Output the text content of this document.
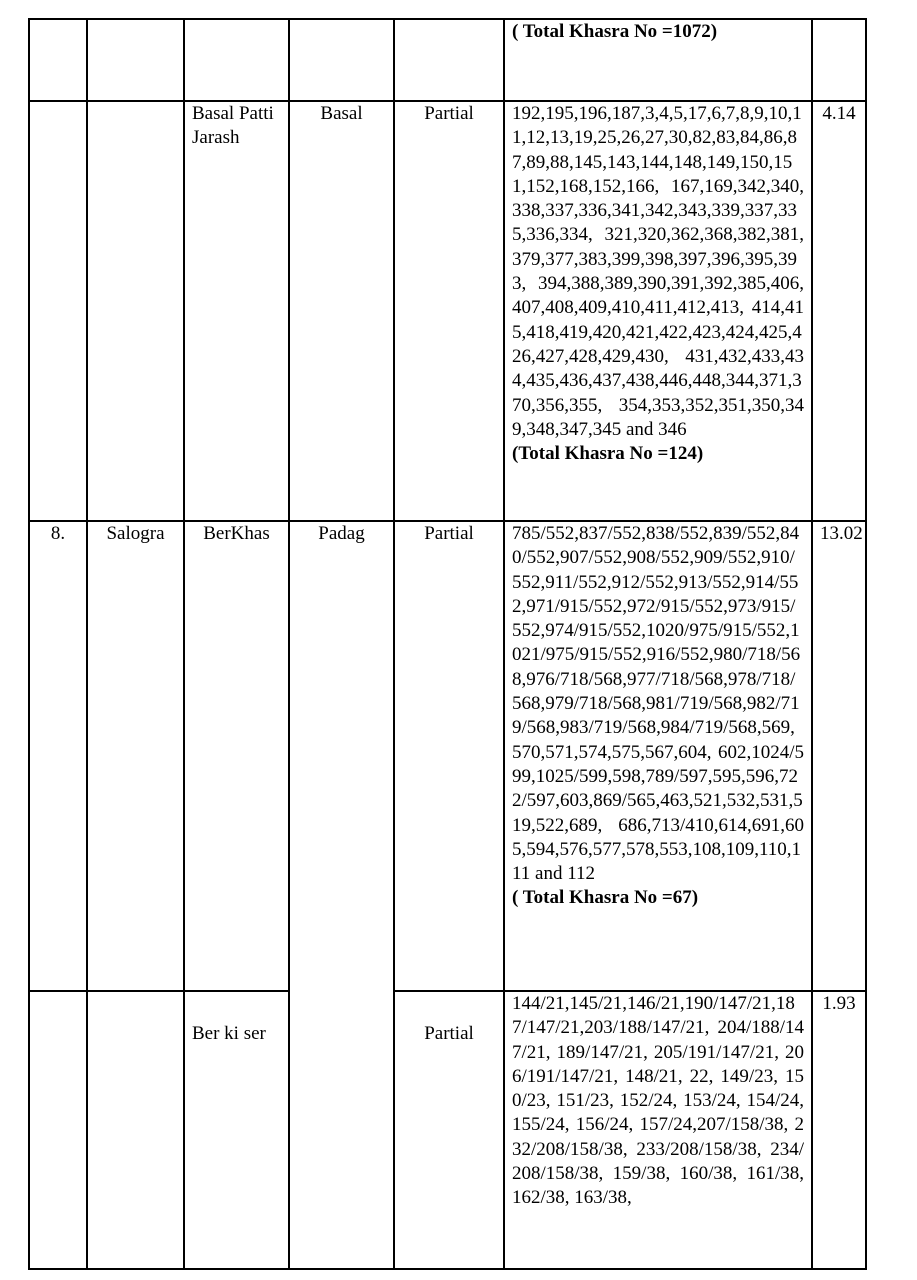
					( Total Khasra No =1072)	

		Basal Patti Jarash	Basal	Partial	192,195,196,187,3,4,5,17,6,7,8,9,10,11,12,13,19,25,26,27,30,82,83,84,86,87,89,88,145,143,144,148,149,150,151,152,168,152,166, 167,169,342,340,338,337,336,341,342,343,339,337,335,336,334, 321,320,362,368,382,381,379,377,383,399,398,397,396,395,393, 394,388,389,390,391,392,385,406,407,408,409,410,411,412,413, 414,415,418,419,420,421,422,423,424,425,426,427,428,429,430, 431,432,433,434,435,436,437,438,446,448,344,371,370,356,355, 354,353,352,351,350,349,348,347,345 and 346
(Total Khasra No =124)	4.14
8.	Salogra	BerKhas	Padag	Partial	785/552,837/552,838/552,839/552,840/552,907/552,908/552,909/552,910/552,911/552,912/552,913/552,914/552,971/915/552,972/915/552,973/915/552,974/915/552,1020/975/915/552,1021/975/915/552,916/552,980/718/568,976/718/568,977/718/568,978/718/568,979/718/568,981/719/568,982/719/568,983/719/568,984/719/568,569,570,571,574,575,567,604, 602,1024/599,1025/599,598,789/597,595,596,722/597,603,869/565,463,521,532,531,519,522,689, 686,713/410,614,691,605,594,576,577,578,553,108,109,110,111 and 112
( Total Khasra No =67)	13.02
		Ber ki ser		Partial	144/21,145/21,146/21,190/147/21,187/147/21,203/188/147/21, 204/188/147/21, 189/147/21, 205/191/147/21, 206/191/147/21, 148/21, 22, 149/23, 150/23, 151/23, 152/24, 153/24, 154/24, 155/24, 156/24, 157/24,207/158/38, 232/208/158/38, 233/208/158/38, 234/208/158/38, 159/38, 160/38, 161/38, 162/38, 163/38,	1.93
